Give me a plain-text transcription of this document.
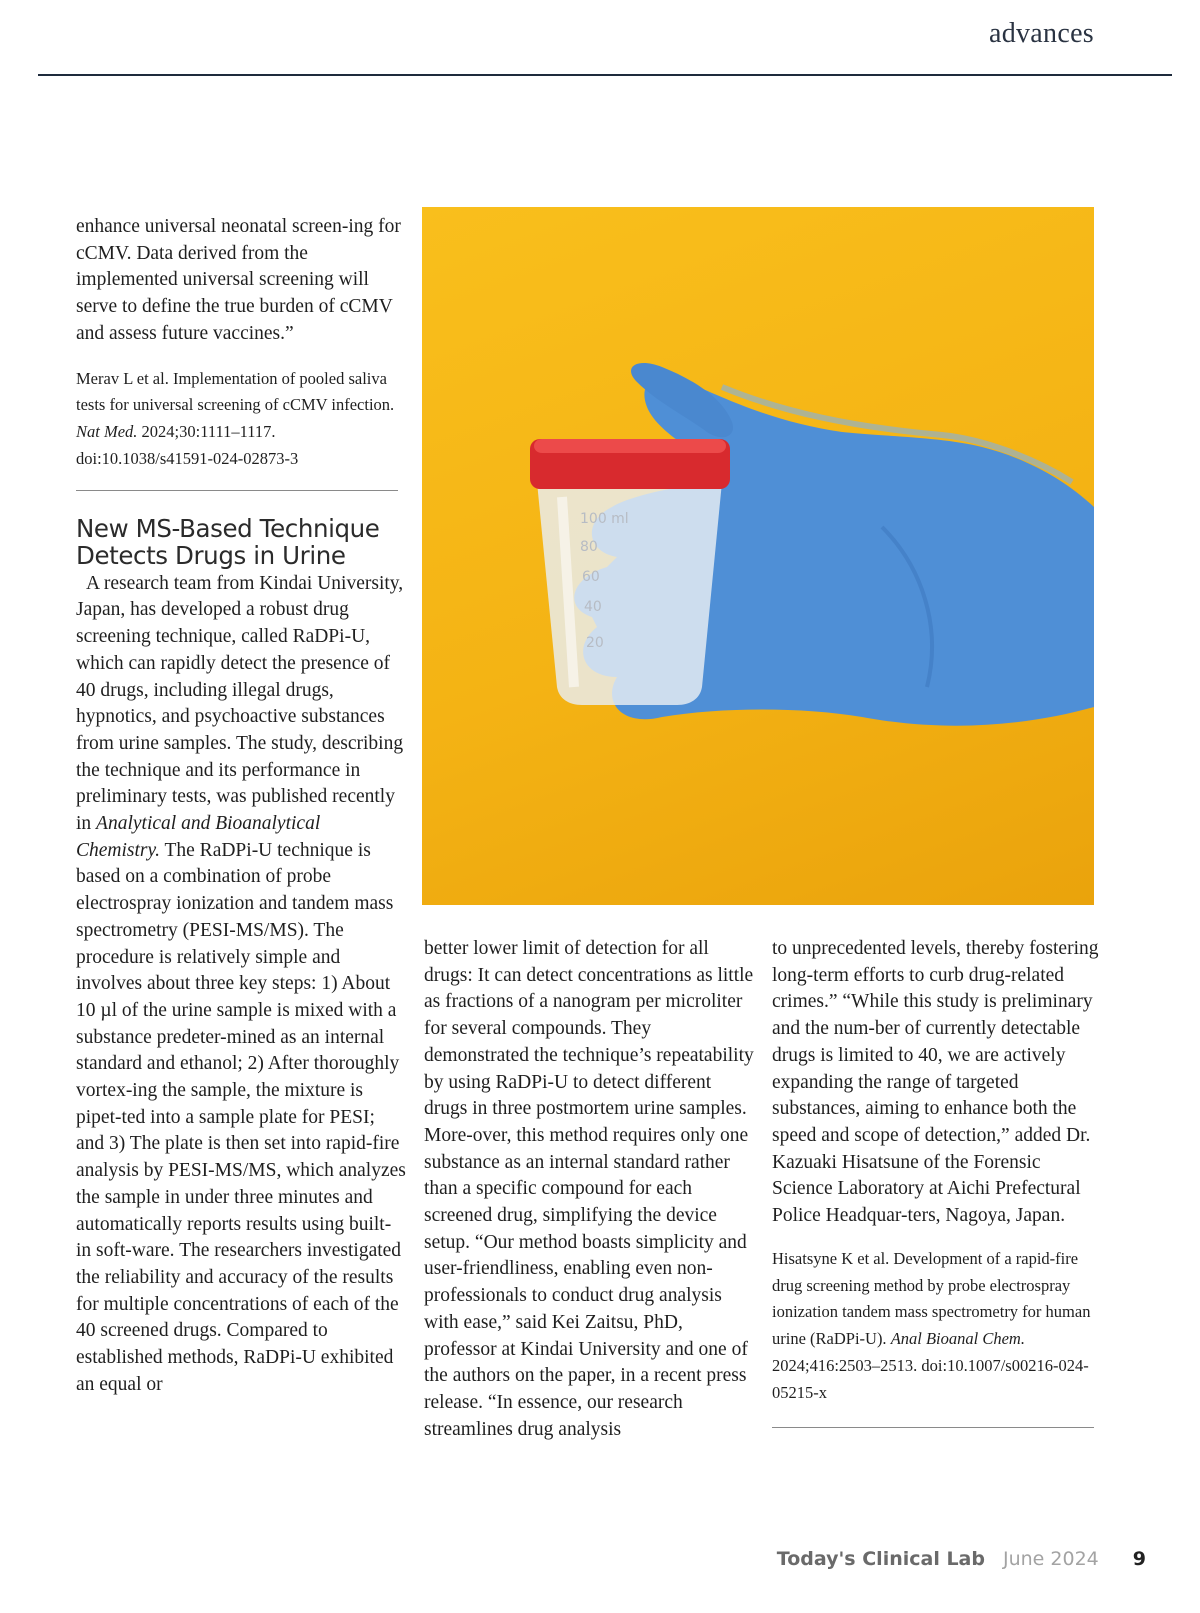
advances

enhance universal neonatal screen-ing for cCMV. Data derived from the implemented universal screening will serve to define the true burden of cCMV and assess future vaccines.”

Merav L et al. Implementation of pooled saliva tests for universal screening of cCMV infection. Nat Med. 2024;30:1111–1117. doi:10.1038/s41591-024-02873-3

New MS-Based Technique Detects Drugs in Urine

A research team from Kindai University, Japan, has developed a robust drug screening technique, called RaDPi-U, which can rapidly detect the presence of 40 drugs, including illegal drugs, hypnotics, and psychoactive substances from urine samples. The study, describing the technique and its performance in preliminary tests, was published recently in Analytical and Bioanalytical Chemistry. The RaDPi-U technique is based on a combination of probe electrospray ionization and tandem mass spectrometry (PESI-MS/MS). The procedure is relatively simple and involves about three key steps: 1) About 10 µl of the urine sample is mixed with a substance predeter-mined as an internal standard and ethanol; 2) After thoroughly vortex-ing the sample, the mixture is pipet-ted into a sample plate for PESI; and 3) The plate is then set into rapid-fire analysis by PESI-MS/MS, which analyzes the sample in under three minutes and automatically reports results using built-in soft-ware. The researchers investigated the reliability and accuracy of the results for multiple concentrations of each of the 40 screened drugs. Compared to established methods, RaDPi-U exhibited an equal or

100 ml
80
60
40
20

better lower limit of detection for all drugs: It can detect concentrations as little as fractions of a nanogram per microliter for several compounds. They demonstrated the technique’s repeatability by using RaDPi-U to detect different drugs in three postmortem urine samples. More-over, this method requires only one substance as an internal standard rather than a specific compound for each screened drug, simplifying the device setup. “Our method boasts simplicity and user-friendliness, enabling even non-professionals to conduct drug analysis with ease,” said Kei Zaitsu, PhD, professor at Kindai University and one of the authors on the paper, in a recent press release. “In essence, our research streamlines drug analysis

to unprecedented levels, thereby fostering long-term efforts to curb drug-related crimes.” “While this study is preliminary and the num-ber of currently detectable drugs is limited to 40, we are actively expanding the range of targeted substances, aiming to enhance both the speed and scope of detection,” added Dr. Kazuaki Hisatsune of the Forensic Science Laboratory at Aichi Prefectural Police Headquar-ters, Nagoya, Japan.

Hisatsyne K et al. Development of a rapid-fire drug screening method by probe electrospray ionization tandem mass spectrometry for human urine (RaDPi-U). Anal Bioanal Chem. 2024;416:2503–2513. doi:10.1007/s00216-024-05215-x

Today's Clinical Lab June 2024 9
